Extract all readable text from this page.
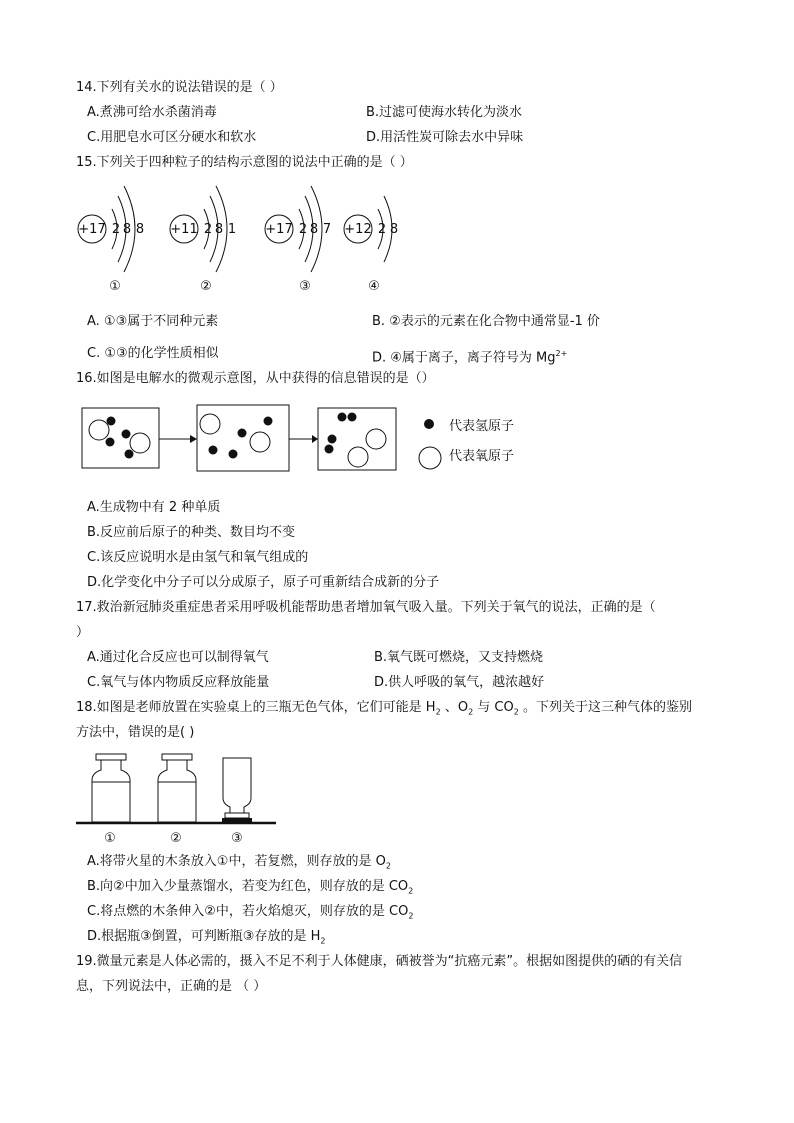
14.下列有关水的说法错误的是（ ）
A.煮沸可给水杀菌消毒	B.过滤可使海水转化为淡水
C.用肥皂水可区分硬水和软水	D.用活性炭可除去水中异味
15.下列关于四种粒子的结构示意图的说法中正确的是（ ）
+17 2 8 8
①
+11 2 8 1
②
+17 2 8 7
③
+12 2 8
④
A. ①③属于不同种元素	B. ②表示的元素在化合物中通常显-1 价
C. ①③的化学性质相似	D. ④属于离子，离子符号为 $Mg^{2+}$
16.如图是电解水的微观示意图，从中获得的信息错误的是（）
代表氢原子
代表氧原子
A.生成物中有 2 种单质
B.反应前后原子的种类、数目均不变
C.该反应说明水是由氢气和氧气组成的
D.化学变化中分子可以分成原子，原子可重新结合成新的分子
17.救治新冠肺炎重症患者采用呼吸机能帮助患者增加氧气吸入量。下列关于氧气的说法，正确的是（
）
A.通过化合反应也可以制得氧气	B.氧气既可燃烧，又支持燃烧
C.氧气与体内物质反应释放能量	D.供人呼吸的氧气，越浓越好
18.如图是老师放置在实验桌上的三瓶无色气体，它们可能是 $H_2$ 、$O_2$ 与 $CO_2$ 。下列关于这三种气体的鉴别
方法中，错误的是( )
①	②	③
A.将带火星的木条放入①中，若复燃，则存放的是 $O_2$
B.向②中加入少量蒸馏水，若变为红色，则存放的是 $CO_2$
C.将点燃的木条伸入②中，若火焰熄灭，则存放的是 $CO_2$
D.根据瓶③倒置，可判断瓶③存放的是 $H_2$
19.微量元素是人体必需的，摄入不足不利于人体健康，硒被誉为“抗癌元素”。根据如图提供的硒的有关信
息，下列说法中，正确的是 （ ）
